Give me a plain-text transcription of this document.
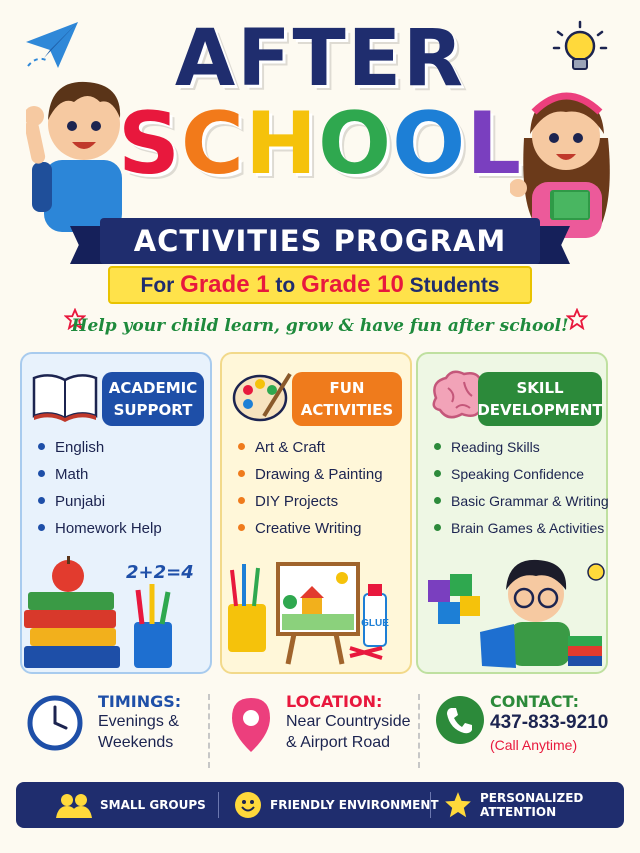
AFTER
SCHOOL
ACTIVITIES PROGRAM
For Grade 1 to Grade 10 Students
Help your child learn, grow & have fun after school!
ACADEMIC
SUPPORT
English
Math
Punjabi
Homework Help
2+2=4
FUN
ACTIVITIES
Art & Craft
Drawing & Painting
DIY Projects
Creative Writing
GLUE
SKILL
DEVELOPMENT
Reading Skills
Speaking Confidence
Basic Grammar & Writing
Brain Games & Activities
TIMINGS:
Evenings &
Weekends
LOCATION:
Near Countryside
& Airport Road
CONTACT:
437-833-9210
(Call Anytime)
SMALL GROUPS	FRIENDLY ENVIRONMENT	PERSONALIZED
ATTENTION
